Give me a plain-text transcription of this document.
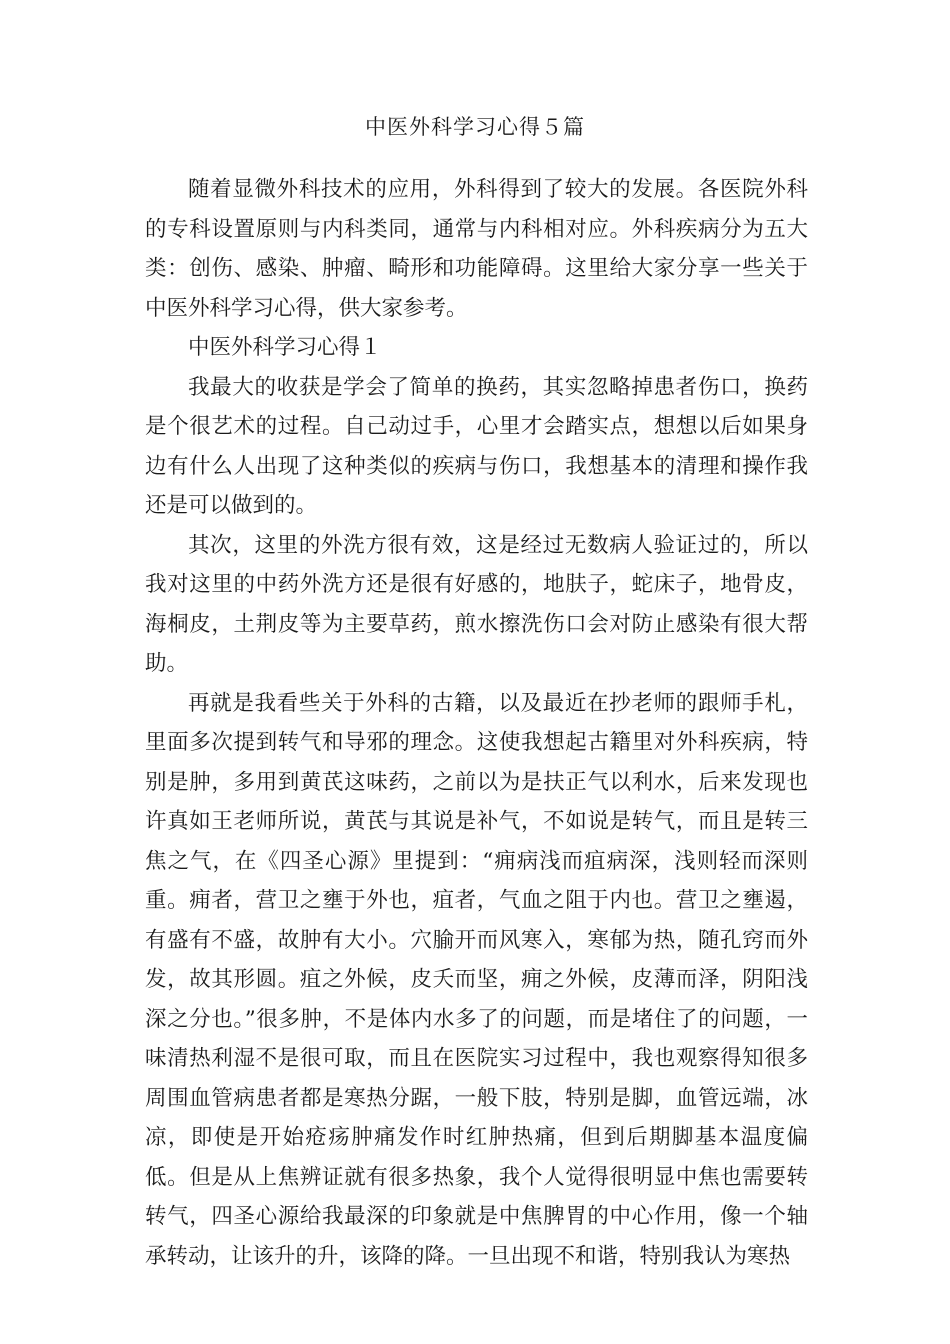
中医外科学习心得５篇

随着显微外科技术的应用，外科得到了较大的发展。各医院外科的专科设置原则与内科类同，通常与内科相对应。外科疾病分为五大类：创伤、感染、肿瘤、畸形和功能障碍。这里给大家分享一些关于中医外科学习心得，供大家参考。

中医外科学习心得１

我最大的收获是学会了简单的换药，其实忽略掉患者伤口，换药是个很艺术的过程。自己动过手，心里才会踏实点，想想以后如果身边有什么人出现了这种类似的疾病与伤口，我想基本的清理和操作我还是可以做到的。

其次，这里的外洗方很有效，这是经过无数病人验证过的，所以我对这里的中药外洗方还是很有好感的，地肤子，蛇床子，地骨皮，海桐皮，土荆皮等为主要草药，煎水擦洗伤口会对防止感染有很大帮助。

再就是我看些关于外科的古籍，以及最近在抄老师的跟师手札，里面多次提到转气和导邪的理念。这使我想起古籍里对外科疾病，特别是肿，多用到黄芪这味药，之前以为是扶正气以利水，后来发现也许真如王老师所说，黄芪与其说是补气，不如说是转气，而且是转三焦之气，在《四圣心源》里提到：“痈病浅而疽病深，浅则轻而深则重。痈者，营卫之壅于外也，疽者，气血之阻于内也。营卫之壅遏，有盛有不盛，故肿有大小。穴腧开而风寒入，寒郁为热，随孔窍而外发，故其形圆。疽之外候，皮夭而坚，痈之外候，皮薄而泽，阴阳浅深之分也。”很多肿，不是体内水多了的问题，而是堵住了的问题，一味清热利湿不是很可取，而且在医院实习过程中，我也观察得知很多周围血管病患者都是寒热分踞，一般下肢，特别是脚，血管远端，冰凉，即使是开始疮疡肿痛发作时红肿热痛，但到后期脚基本温度偏低。但是从上焦辨证就有很多热象，我个人觉得很明显中焦也需要转转气，四圣心源给我最深的印象就是中焦脾胃的中心作用，像一个轴承转动，让该升的升，该降的降。一旦出现不和谐，特别我认为寒热
